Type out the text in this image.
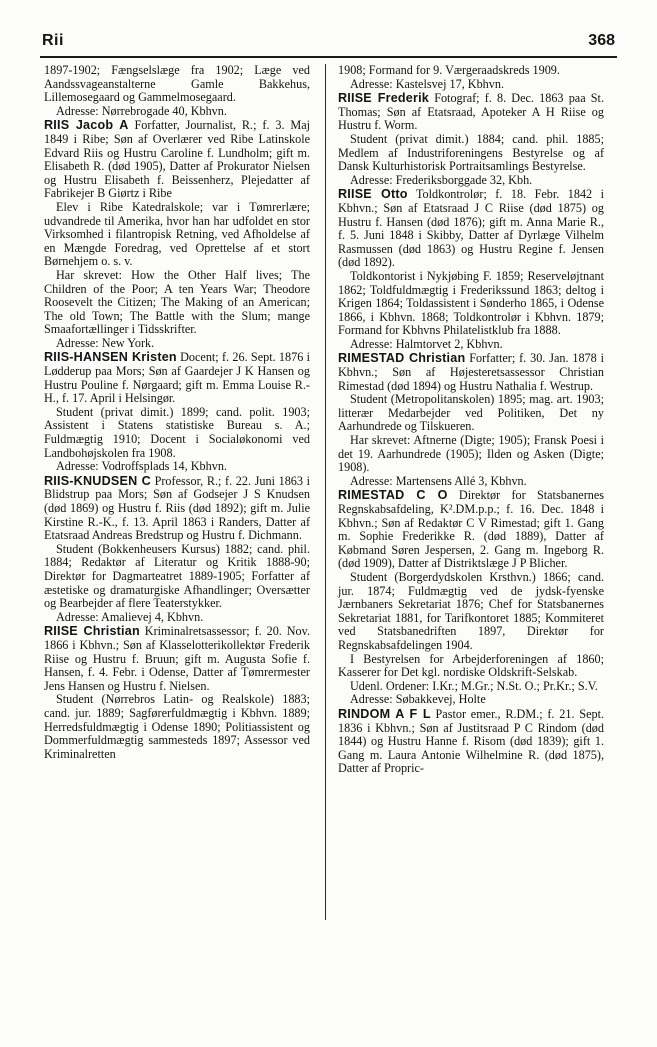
Rii	368

1897-1902; Fængselslæge fra 1902; Læge ved Aandssvageanstalterne Gamle Bakkehus, Lillemosegaard og Gammelmosegaard.

Adresse: Nørrebrogade 40, Kbhvn.

RIIS Jacob A Forfatter, Journalist, R.; f. 3. Maj 1849 i Ribe; Søn af Overlærer ved Ribe Latinskole Edvard Riis og Hustru Caroline f. Lundholm; gift m. Elisabeth R. (død 1905), Datter af Prokurator Nielsen og Hustru Elisabeth f. Beissenherz, Plejedatter af Fabrikejer B Giørtz i Ribe

Elev i Ribe Katedralskole; var i Tømrerlære; udvandrede til Amerika, hvor han har udfoldet en stor Virksomhed i filantropisk Retning, ved Afholdelse af en Mængde Foredrag, ved Oprettelse af et stort Børnehjem o. s. v.

Har skrevet: How the Other Half lives; The Children of the Poor; A ten Years War; Theodore Roosevelt the Citizen; The Making of an American; The old Town; The Battle with the Slum; mange Smaafortællinger i Tidsskrifter.

Adresse: New York.

RIIS-HANSEN Kristen Docent; f. 26. Sept. 1876 i Lødderup paa Mors; Søn af Gaardejer J K Hansen og Hustru Pouline f. Nørgaard; gift m. Emma Louise R.-H., f. 17. April i Helsingør.

Student (privat dimit.) 1899; cand. polit. 1903; Assistent i Statens statistiske Bureau s. A.; Fuldmægtig 1910; Docent i Socialøkonomi ved Landbohøjskolen fra 1908.

Adresse: Vodroffsplads 14, Kbhvn.

RIIS-KNUDSEN C Professor, R.; f. 22. Juni 1863 i Blidstrup paa Mors; Søn af Godsejer J S Knudsen (død 1869) og Hustru f. Riis (død 1892); gift m. Julie Kirstine R.-K., f. 13. April 1863 i Randers, Datter af Etatsraad Andreas Bredstrup og Hustru f. Dichmann.

Student (Bokkenheusers Kursus) 1882; cand. phil. 1884; Redaktør af Literatur og Kritik 1888-90; Direktør for Dagmarteatret 1889-1905; Forfatter af æstetiske og dramaturgiske Afhandlinger; Oversætter og Bearbejder af flere Teaterstykker.

Adresse: Amalievej 4, Kbhvn.

RIISE Christian Kriminalretsassessor; f. 20. Nov. 1866 i Kbhvn.; Søn af Klasselotterikollektør Frederik Riise og Hustru f. Bruun; gift m. Augusta Sofie f. Hansen, f. 4. Febr. i Odense, Datter af Tømrermester Jens Hansen og Hustru f. Nielsen.

Student (Nørrebros Latin- og Realskole) 1883; cand. jur. 1889; Sagførerfuldmægtig i Kbhvn. 1889; Herredsfuldmægtig i Odense 1890; Politiassistent og Dommerfuldmægtig sammesteds 1897; Assessor ved Kriminalretten

1908; Formand for 9. Værgeraadskreds 1909.

Adresse: Kastelsvej 17, Kbhvn.

RIISE Frederik Fotograf; f. 8. Dec. 1863 paa St. Thomas; Søn af Etatsraad, Apoteker A H Riise og Hustru f. Worm.

Student (privat dimit.) 1884; cand. phil. 1885; Medlem af Industriforeningens Bestyrelse og af Dansk Kulturhistorisk Portraitsamlings Bestyrelse.

Adresse: Frederiksborggade 32, Kbh.

RIISE Otto Toldkontrolør; f. 18. Febr. 1842 i Kbhvn.; Søn af Etatsraad J C Riise (død 1875) og Hustru f. Hansen (død 1876); gift m. Anna Marie R., f. 5. Juni 1848 i Skibby, Datter af Dyrlæge Vilhelm Rasmussen (død 1863) og Hustru Regine f. Jensen (død 1892).

Toldkontorist i Nykjøbing F. 1859; Reserveløjtnant 1862; Toldfuldmægtig i Frederikssund 1863; deltog i Krigen 1864; Toldassistent i Sønderho 1865, i Odense 1866, i Kbhvn. 1868; Toldkontrolør i Kbhvn. 1879; Formand for Kbhvns Philatelistklub fra 1888.

Adresse: Halmtorvet 2, Kbhvn.

RIMESTAD Christian Forfatter; f. 30. Jan. 1878 i Kbhvn.; Søn af Højesteretsassessor Christian Rimestad (død 1894) og Hustru Nathalia f. Westrup.

Student (Metropolitanskolen) 1895; mag. art. 1903; litterær Medarbejder ved Politiken, Det ny Aarhundrede og Tilskueren.

Har skrevet: Aftnerne (Digte; 1905); Fransk Poesi i det 19. Aarhundrede (1905); Ilden og Asken (Digte; 1908).

Adresse: Martensens Allé 3, Kbhvn.

RIMESTAD C O Direktør for Statsbanernes Regnskabsafdeling, K².DM.p.p.; f. 16. Dec. 1848 i Kbhvn.; Søn af Redaktør C V Rimestad; gift 1. Gang m. Sophie Frederikke R. (død 1889), Datter af Købmand Søren Jespersen, 2. Gang m. Ingeborg R. (død 1909), Datter af Distriktslæge J P Blicher.

Student (Borgerdydskolen Krsthvn.) 1866; cand. jur. 1874; Fuldmægtig ved de jydsk-fyenske Jærnbaners Sekretariat 1876; Chef for Statsbanernes Sekretariat 1881, for Tarifkontoret 1885; Kommiteret ved Statsbanedriften 1897, Direktør for Regnskabsafdelingen 1904.

I Bestyrelsen for Arbejderforeningen af 1860; Kasserer for Det kgl. nordiske Oldskrift-Selskab.

Udenl. Ordener: I.Kr.; M.Gr.; N.St. O.; Pr.Kr.; S.V.

Adresse: Søbakkevej, Holte

RINDOM A F L Pastor emer., R.DM.; f. 21. Sept. 1836 i Kbhvn.; Søn af Justitsraad P C Rindom (død 1844) og Hustru Hanne f. Risom (død 1839); gift 1. Gang m. Laura Antonie Wilhelmine R. (død 1875), Datter af Propric-
